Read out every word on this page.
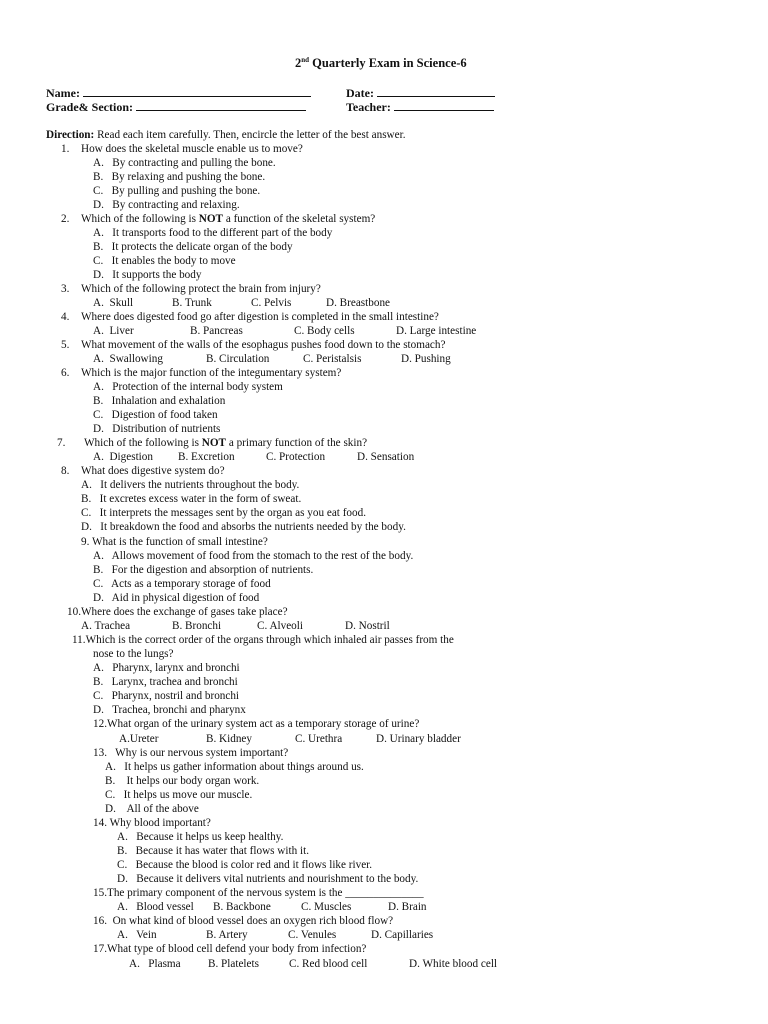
2nd Quarterly Exam in Science-6
Name:	Date:
Grade& Section:	Teacher:
Direction: Read each item carefully. Then, encircle the letter of the best answer.
1. How does the skeletal muscle enable us to move?
A.   By contracting and pulling the bone.
B.   By relaxing and pushing the bone.
C.   By pulling and pushing the bone.
D.   By contracting and relaxing.
2. Which of the following is NOT a function of the skeletal system?
A.   It transports food to the different part of the body
B.   It protects the delicate organ of the body
C.   It enables the body to move
D.   It supports the body
3. Which of the following protect the brain from injury?
A.  Skull	B. Trunk	C. Pelvis	D. Breastbone
4. Where does digested food go after digestion is completed in the small intestine?
A.  Liver	B. Pancreas	C. Body cells	D. Large intestine
5. What movement of the walls of the esophagus pushes food down to the stomach?
A.  Swallowing	B. Circulation	C. Peristalsis	D. Pushing
6. Which is the major function of the integumentary system?
A.   Protection of the internal body system
B.   Inhalation and exhalation
C.   Digestion of food taken
D.   Distribution of nutrients
7. Which of the following is NOT a primary function of the skin?
A.  Digestion B. Excretion	C. Protection	D. Sensation
8. What does digestive system do?
A.   It delivers the nutrients throughout the body.
B.   It excretes excess water in the form of sweat.
C.   It interprets the messages sent by the organ as you eat food.
D.   It breakdown the food and absorbs the nutrients needed by the body.
9. What is the function of small intestine?
A.   Allows movement of food from the stomach to the rest of the body.
B.   For the digestion and absorption of nutrients.
C.   Acts as a temporary storage of food
D.   Aid in physical digestion of food
10.Where does the exchange of gases take place?
A. Trachea	B. Bronchi	C. Alveoli	D. Nostril
11.Which is the correct order of the organs through which inhaled air passes from the
nose to the lungs?
A.   Pharynx, larynx and bronchi
B.   Larynx, trachea and bronchi
C.   Pharynx, nostril and bronchi
D.   Trachea, bronchi and pharynx
12.What organ of the urinary system act as a temporary storage of urine?
A.Ureter	B. Kidney	C. Urethra	D. Urinary bladder
13.   Why is our nervous system important?
A.   It helps us gather information about things around us.
B.    It helps our body organ work.
C.   It helps us move our muscle.
D.    All of the above
14. Why blood important?
A.   Because it helps us keep healthy.
B.   Because it has water that flows with it.
C.   Because the blood is color red and it flows like river.
D.   Because it delivers vital nutrients and nourishment to the body.
15.The primary component of the nervous system is the ______________
A.   Blood vessel B. Backbone	C. Muscles	D. Brain
16.  On what kind of blood vessel does an oxygen rich blood flow?
A.   Vein	B. Artery	C. Venules	D. Capillaries
17.What type of blood cell defend your body from infection?
A.   Plasma B. Platelets	C. Red blood cell	D. White blood cell
